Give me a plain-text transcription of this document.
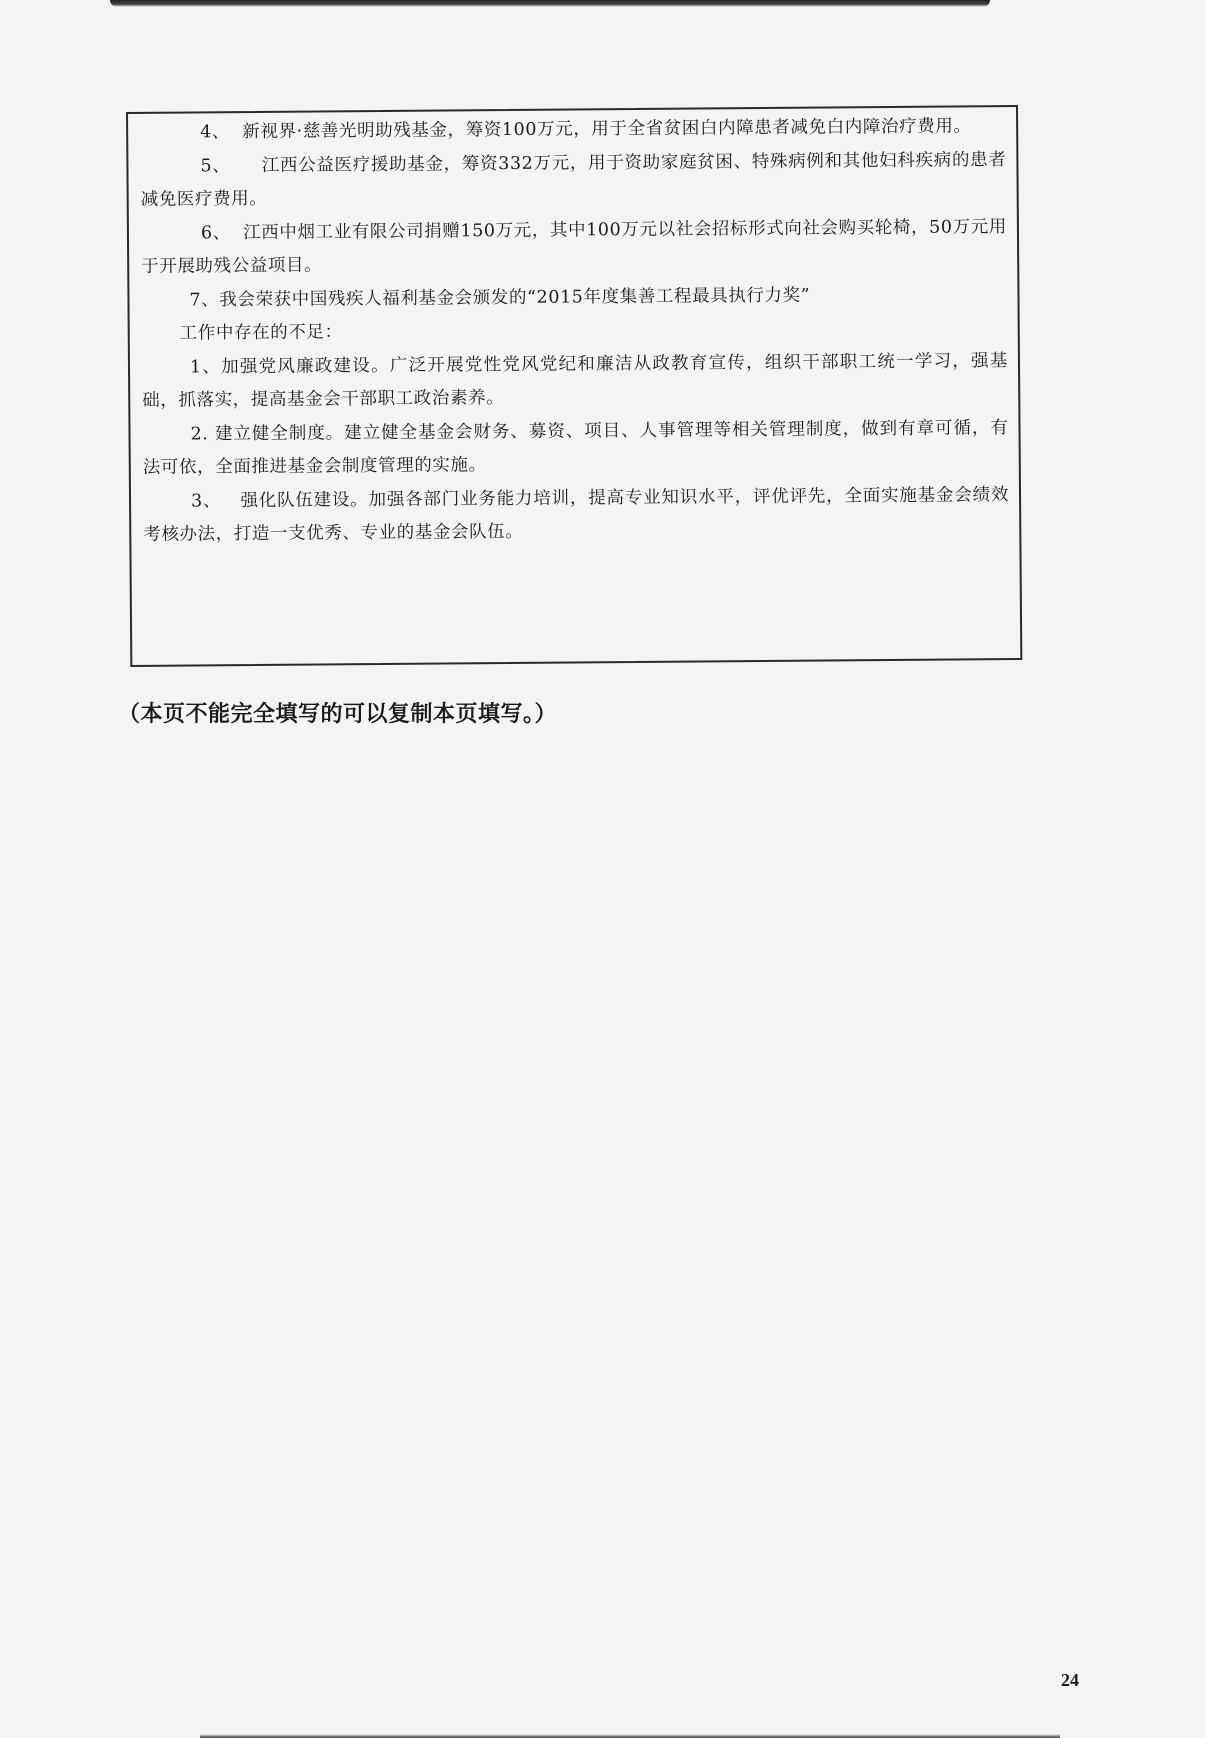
4、 新视界·慈善光明助残基金，筹资100万元，用于全省贫困白内障患者减免白内障治疗费用。

5、 江西公益医疗援助基金，筹资332万元，用于资助家庭贫困、特殊病例和其他妇科疾病的患者减免医疗费用。

6、 江西中烟工业有限公司捐赠150万元，其中100万元以社会招标形式向社会购买轮椅，50万元用于开展助残公益项目。

7、我会荣获中国残疾人福利基金会颁发的“2015年度集善工程最具执行力奖”

工作中存在的不足：

1、加强党风廉政建设。广泛开展党性党风党纪和廉洁从政教育宣传，组织干部职工统一学习，强基础，抓落实，提高基金会干部职工政治素养。

2. 建立健全制度。建立健全基金会财务、募资、项目、人事管理等相关管理制度，做到有章可循，有法可依，全面推进基金会制度管理的实施。

3、 强化队伍建设。加强各部门业务能力培训，提高专业知识水平，评优评先，全面实施基金会绩效考核办法，打造一支优秀、专业的基金会队伍。

（本页不能完全填写的可以复制本页填写。）
24
